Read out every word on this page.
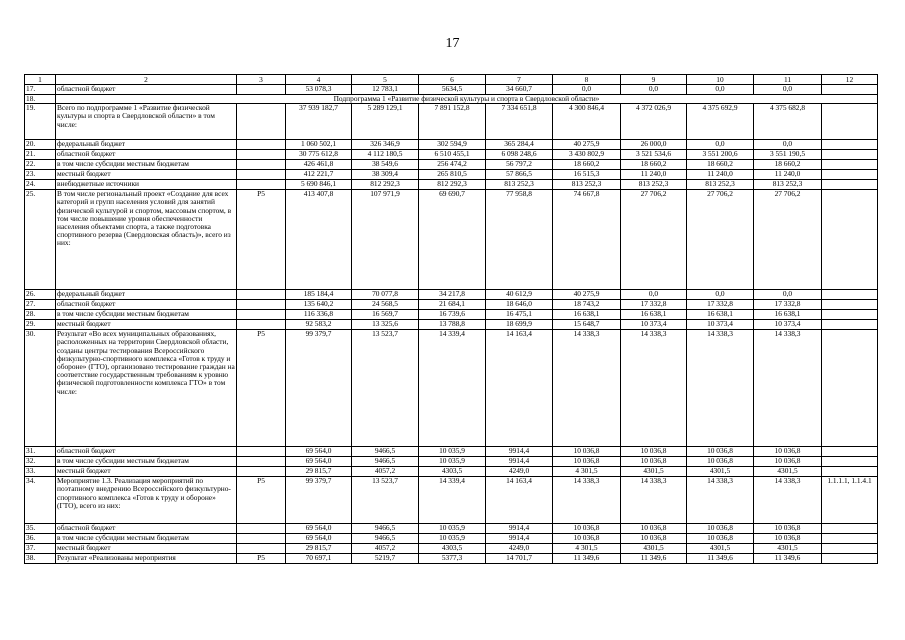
17
1	2	3	4	5	6	7	8	9	10	11	12
17.	областной бюджет		53 078,3	12 783,1	5634,5	34 660,7	0,0	0,0	0,0	0,0	
18.	Подпрограмма 1 «Развитие физической культуры и спорта в Свердловской области»										
19.	Всего по подпрограмме 1 «Развитие физической культуры и спорта в Свердловской области» в том числе:		37 939 182,7	5 289 129,1	7 891 152,8	7 334 651,8	4 300 846,4	4 372 026,9	4 375 692,9	4 375 682,8	
20.	федеральный бюджет		1 060 502,1	326 346,9	302 594,9	365 284,4	40 275,9	26 000,0	0,0	0,0	
21.	областной бюджет		30 775 612,8	4 112 180,5	6 510 455,1	6 098 248,6	3 430 802,9	3 521 534,6	3 551 200,6	3 551 190,5	
22.	в том числе субсидии местным бюджетам		426 461,8	38 549,6	256 474,2	56 797,2	18 660,2	18 660,2	18 660,2	18 660,2	
23.	местный бюджет		412 221,7	38 309,4	265 810,5	57 866,5	16 515,3	11 240,0	11 240,0	11 240,0	
24.	внебюджетные источники		5 690 846,1	812 292,3	812 292,3	813 252,3	813 252,3	813 252,3	813 252,3	813 252,3	
25.	В том числе региональный проект «Создание для всех категорий и групп населения условий для занятий физической культурой и спортом, массовым спортом, в том числе повышение уровня обеспеченности населения объектами спорта, а также подготовка спортивного резерва (Свердловская область)», всего из них:	P5	413 407,8	107 971,9	69 690,7	77 958,8	74 667,8	27 706,2	27 706,2	27 706,2	
26.	федеральный бюджет		185 184,4	70 077,8	34 217,8	40 612,9	40 275,9	0,0	0,0	0,0	
27.	областной бюджет		135 640,2	24 568,5	21 684,1	18 646,0	18 743,2	17 332,8	17 332,8	17 332,8	
28.	в том числе субсидии местным бюджетам		116 336,8	16 569,7	16 739,6	16 475,1	16 638,1	16 638,1	16 638,1	16 638,1	
29.	местный бюджет		92 583,2	13 325,6	13 788,8	18 699,9	15 648,7	10 373,4	10 373,4	10 373,4	
30.	Результат «Во всех муниципальных образованиях, расположенных на территории Свердловской области, созданы центры тестирования Всероссийского физкультурно-спортивного комплекса «Готов к труду и обороне» (ГТО), организовано тестирование граждан на соответствие государственным требованиям к уровню физической подготовленности комплекса ГТО» в том числе:	P5	99 379,7	13 523,7	14 339,4	14 163,4	14 338,3	14 338,3	14 338,3	14 338,3	
31.	областной бюджет		69 564,0	9466,5	10 035,9	9914,4	10 036,8	10 036,8	10 036,8	10 036,8	
32.	в том числе субсидии местным бюджетам		69 564,0	9466,5	10 035,9	9914,4	10 036,8	10 036,8	10 036,8	10 036,8	
33.	местный бюджет		29 815,7	4057,2	4303,5	4249,0	4 301,5	4301,5	4301,5	4301,5	
34.	Мероприятие 1.3. Реализация мероприятий по поэтапному внедрению Всероссийского физкультурно-спортивного комплекса «Готов к труду и обороне» (ГТО), всего из них:	P5	99 379,7	13 523,7	14 339,4	14 163,4	14 338,3	14 338,3	14 338,3	14 338,3	1.1.1.1, 1.1.4.1
35.	областной бюджет		69 564,0	9466,5	10 035,9	9914,4	10 036,8	10 036,8	10 036,8	10 036,8	
36.	в том числе субсидии местным бюджетам		69 564,0	9466,5	10 035,9	9914,4	10 036,8	10 036,8	10 036,8	10 036,8	
37.	местный бюджет		29 815,7	4057,2	4303,5	4249,0	4 301,5	4301,5	4301,5	4301,5	
38.	Результат «Реализованы мероприятия	P5	70 697,1	5219,7	5377,3	14 701,7	11 349,6	11 349,6	11 349,6	11 349,6	
